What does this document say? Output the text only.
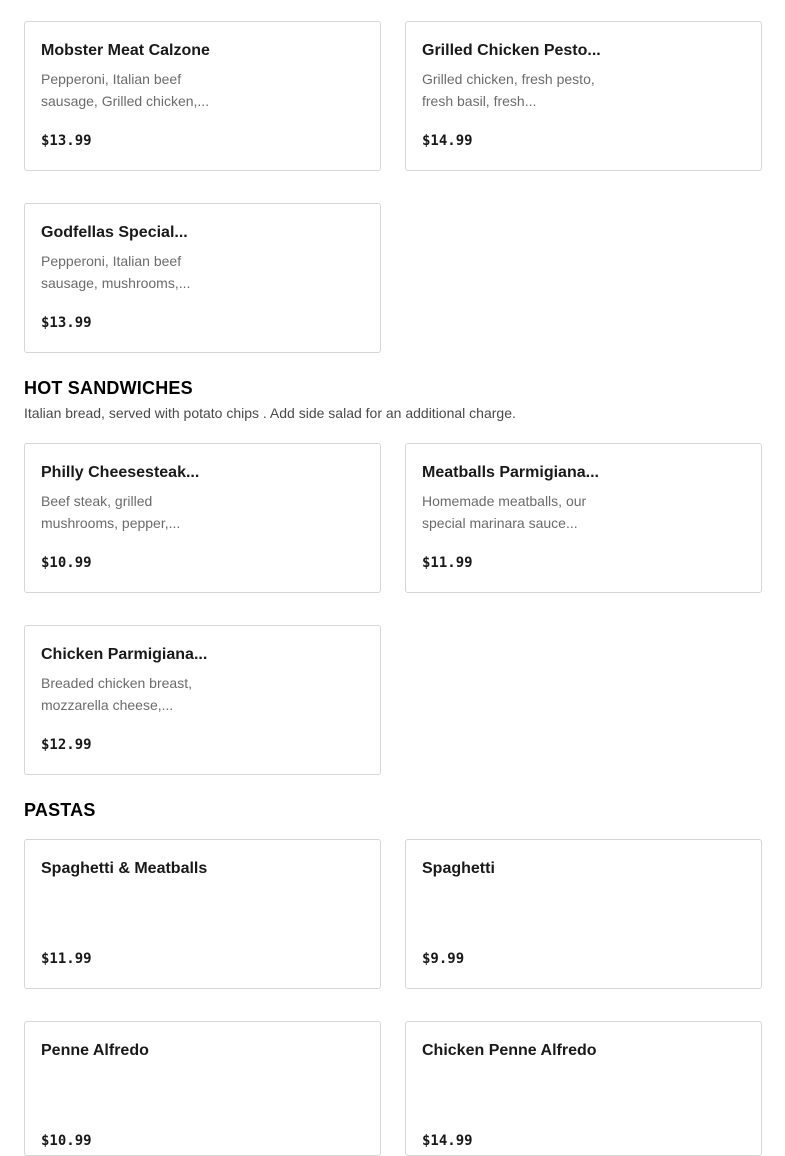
Mobster Meat Calzone
Pepperoni, Italian beef sausage, Grilled chicken,...
$13.99
Grilled Chicken Pesto...
Grilled chicken, fresh pesto, fresh basil, fresh...
$14.99
Godfellas Special...
Pepperoni, Italian beef sausage, mushrooms,...
$13.99
HOT SANDWICHES

Italian bread, served with potato chips . Add side salad for an additional charge.

Philly Cheesesteak...
Beef steak, grilled mushrooms, pepper,...
$10.99
Meatballs Parmigiana...
Homemade meatballs, our special marinara sauce...
$11.99
Chicken Parmigiana...
Breaded chicken breast, mozzarella cheese,...
$12.99
PASTAS
Spaghetti & Meatballs
$11.99
Spaghetti
$9.99
Penne Alfredo
$10.99
Chicken Penne Alfredo
$14.99
